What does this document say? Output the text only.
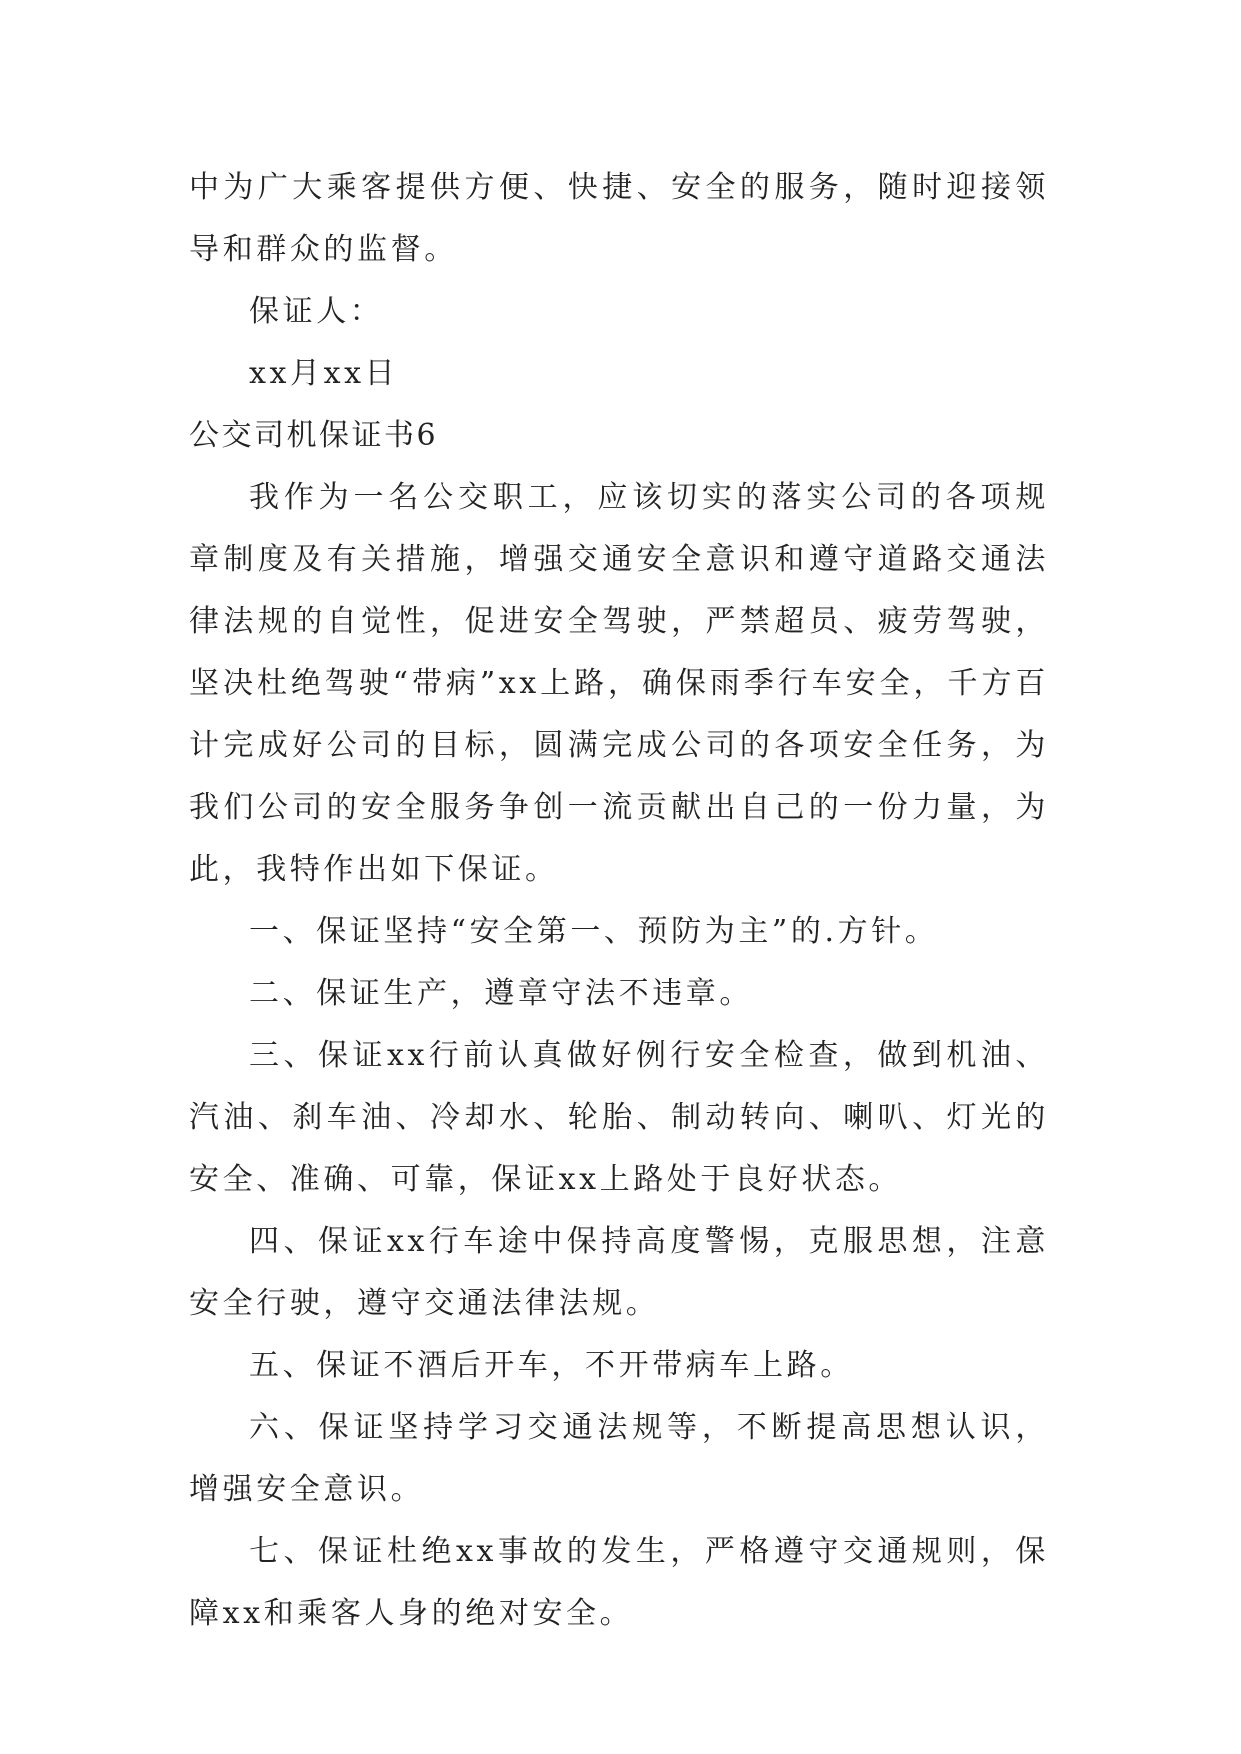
中为广大乘客提供方便、快捷、安全的服务，随时迎接领导和群众的监督。

保证人：

xx月xx日

公交司机保证书6

我作为一名公交职工，应该切实的落实公司的各项规章制度及有关措施，增强交通安全意识和遵守道路交通法律法规的自觉性，促进安全驾驶，严禁超员、疲劳驾驶，坚决杜绝驾驶“带病”xx上路，确保雨季行车安全，千方百计完成好公司的目标，圆满完成公司的各项安全任务，为我们公司的安全服务争创一流贡献出自己的一份力量，为此，我特作出如下保证。

一、保证坚持“安全第一、预防为主”的.方针。

二、保证生产，遵章守法不违章。

三、保证xx行前认真做好例行安全检查，做到机油、汽油、刹车油、冷却水、轮胎、制动转向、喇叭、灯光的安全、准确、可靠，保证xx上路处于良好状态。

四、保证xx行车途中保持高度警惕，克服思想，注意安全行驶，遵守交通法律法规。

五、保证不酒后开车，不开带病车上路。

六、保证坚持学习交通法规等，不断提高思想认识，增强安全意识。

七、保证杜绝xx事故的发生，严格遵守交通规则，保障xx和乘客人身的绝对安全。
